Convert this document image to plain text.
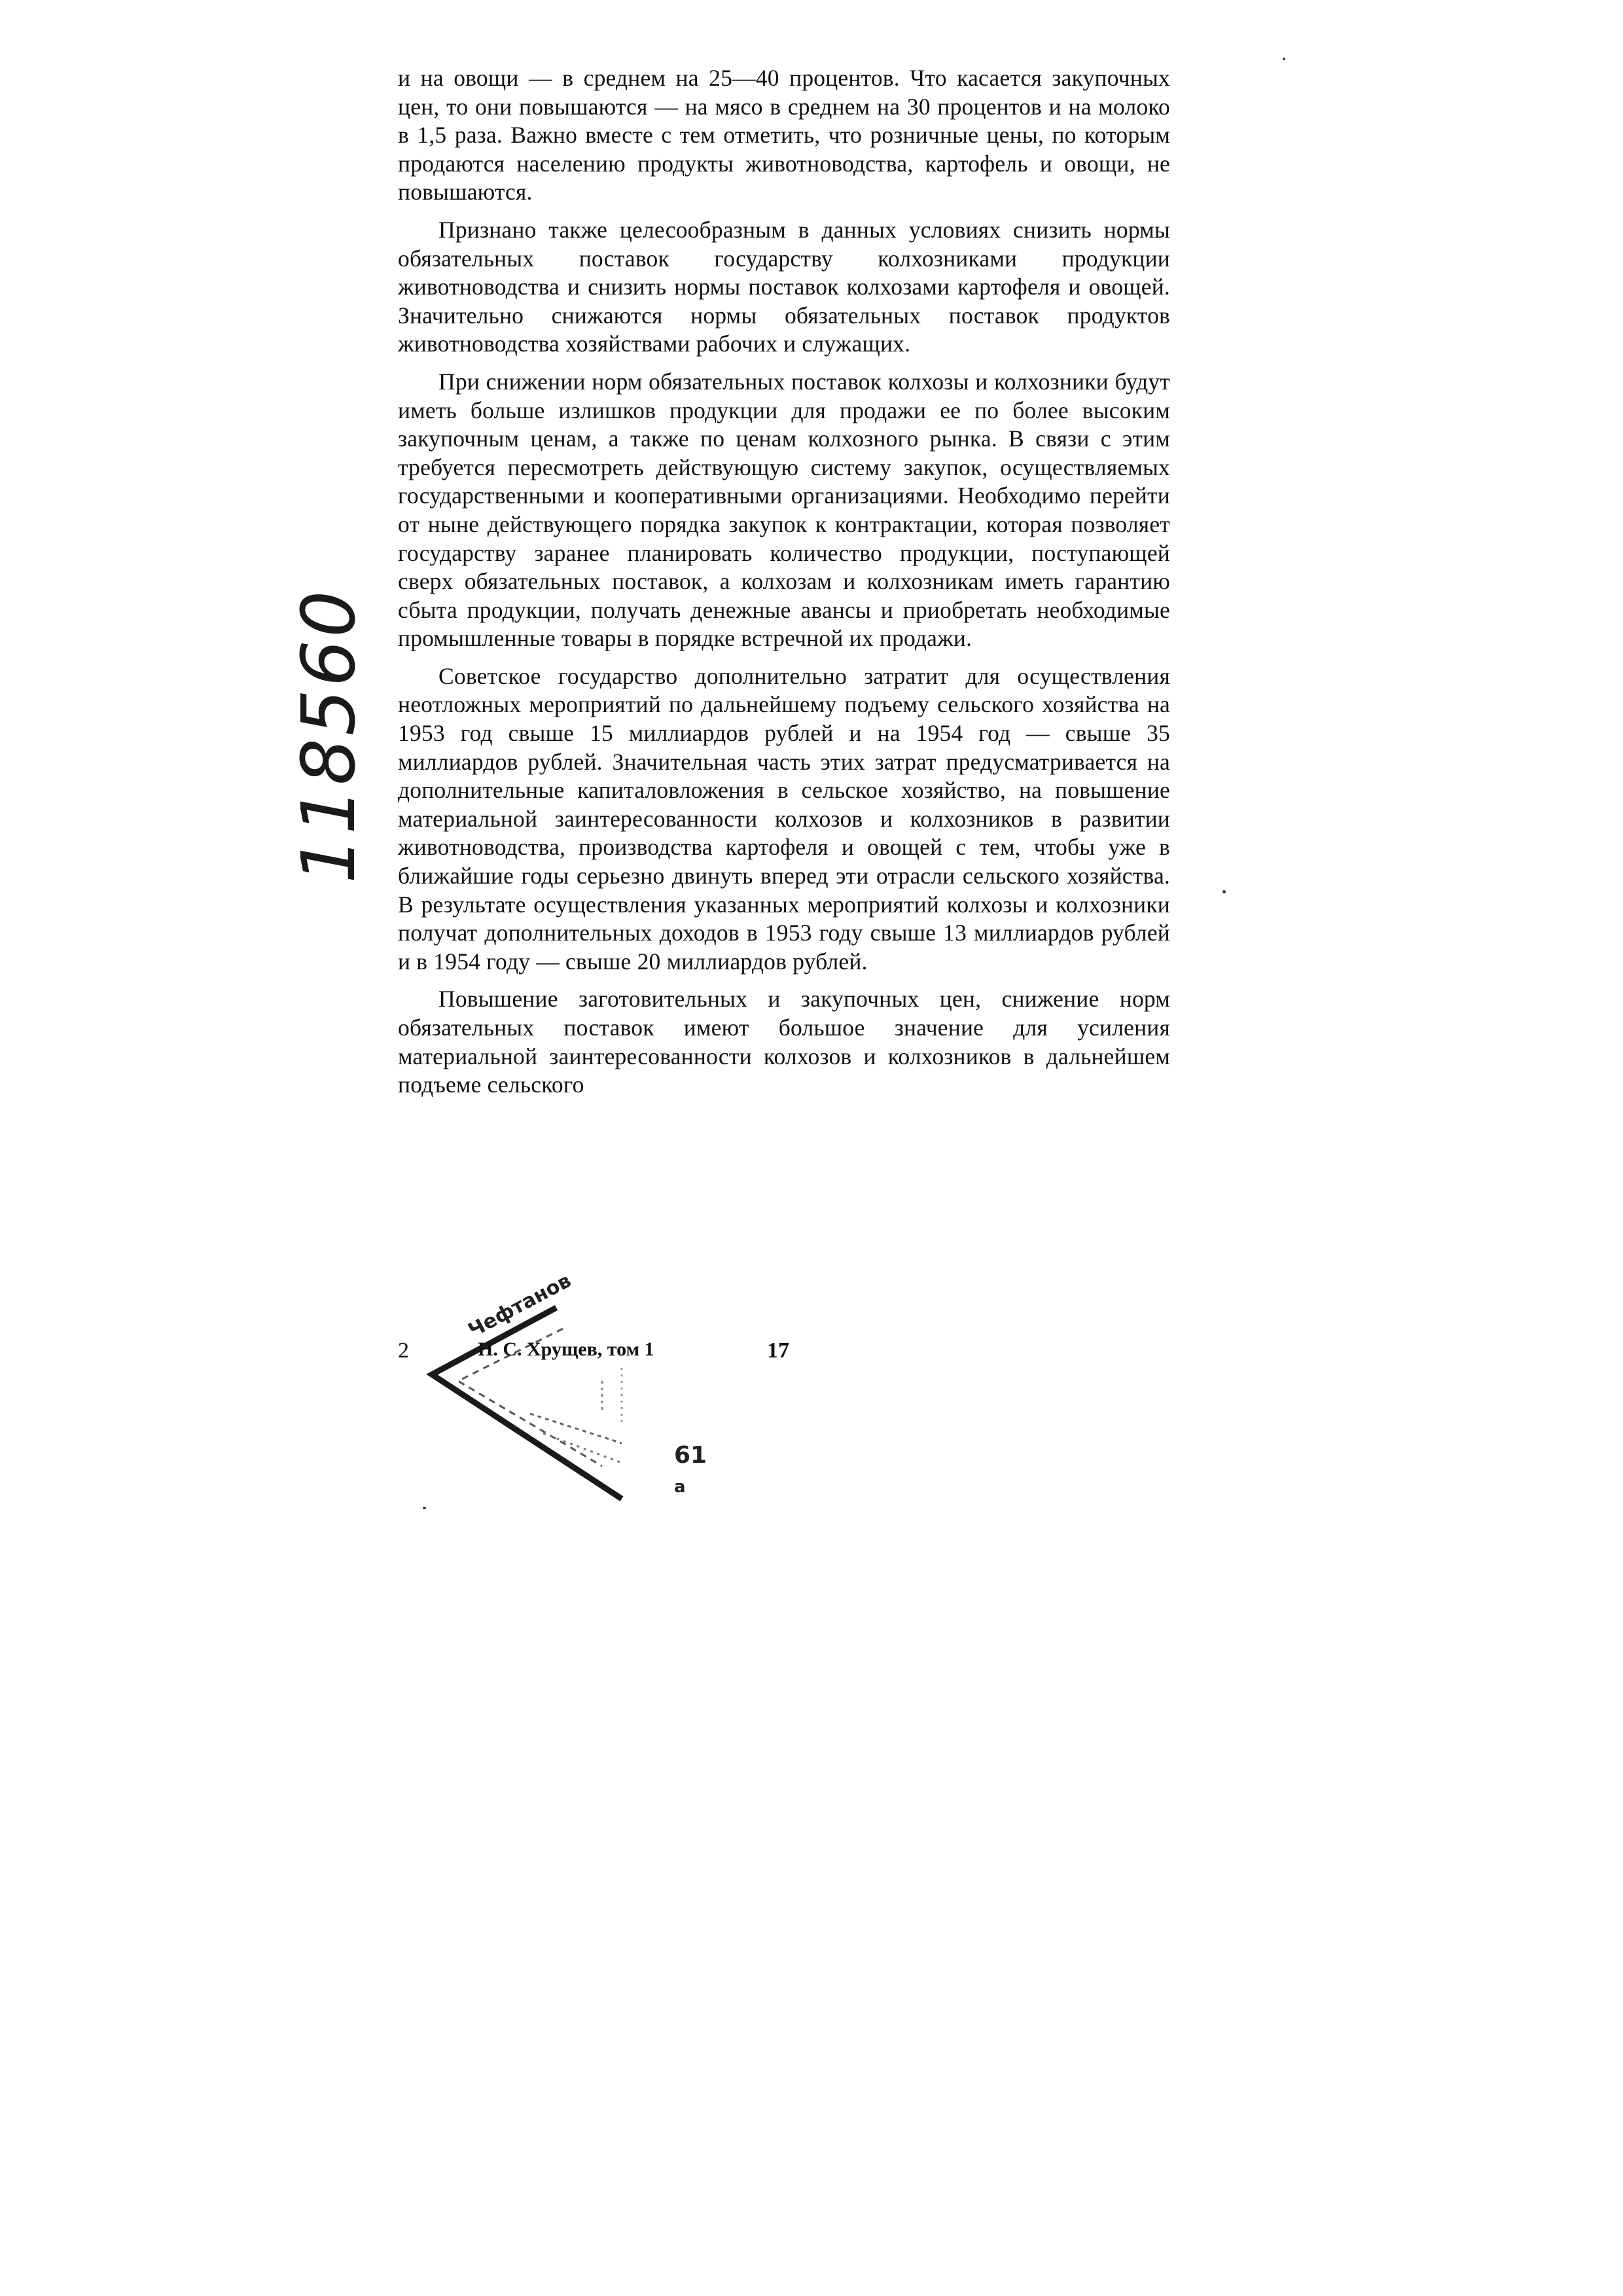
и на овощи — в среднем на 25—40 процентов. Что касается закупочных цен, то они повышаются — на мясо в среднем на 30 процентов и на молоко в 1,5 раза. Важно вместе с тем отметить, что розничные цены, по которым продаются населению продукты животноводства, картофель и овощи, не повышаются.

Признано также целесообразным в данных условиях снизить нормы обязательных поставок государству колхозниками продукции животноводства и снизить нормы поставок колхозами картофеля и овощей. Значительно снижаются нормы обязательных поставок продуктов животноводства хозяйствами рабочих и служащих.

При снижении норм обязательных поставок колхозы и колхозники будут иметь больше излишков продукции для продажи ее по более высоким закупочным ценам, а также по ценам колхозного рынка. В связи с этим требуется пересмотреть действующую систему закупок, осуществляемых государственными и кооперативными организациями. Необходимо перейти от ныне действующего порядка закупок к контрактации, которая позволяет государству заранее планировать количество продукции, поступающей сверх обязательных поставок, а колхозам и колхозникам иметь гарантию сбыта продукции, получать денежные авансы и приобретать необходимые промышленные товары в порядке встречной их продажи.

Советское государство дополнительно затратит для осуществления неотложных мероприятий по дальнейшему подъему сельского хозяйства на 1953 год свыше 15 миллиардов рублей и на 1954 год — свыше 35 миллиардов рублей. Значительная часть этих затрат предусматривается на дополнительные капиталовложения в сельское хозяйство, на повышение материальной заинтересованности колхозов и колхозников в развитии животноводства, производства картофеля и овощей с тем, чтобы уже в ближайшие годы серьезно двинуть вперед эти отрасли сельского хозяйства. В результате осуществления указанных мероприятий колхозы и колхозники получат дополнительных доходов в 1953 году свыше 13 миллиардов рублей и в 1954 году — свыше 20 миллиардов рублей.

Повышение заготовительных и закупочных цен, снижение норм обязательных поставок имеют большое значение для усиления материальной заинтересованности колхозов и колхозников в дальнейшем подъеме сельского

118560
61
а
Чефтанов
2	Н. С. Хрущев, том 1	17
